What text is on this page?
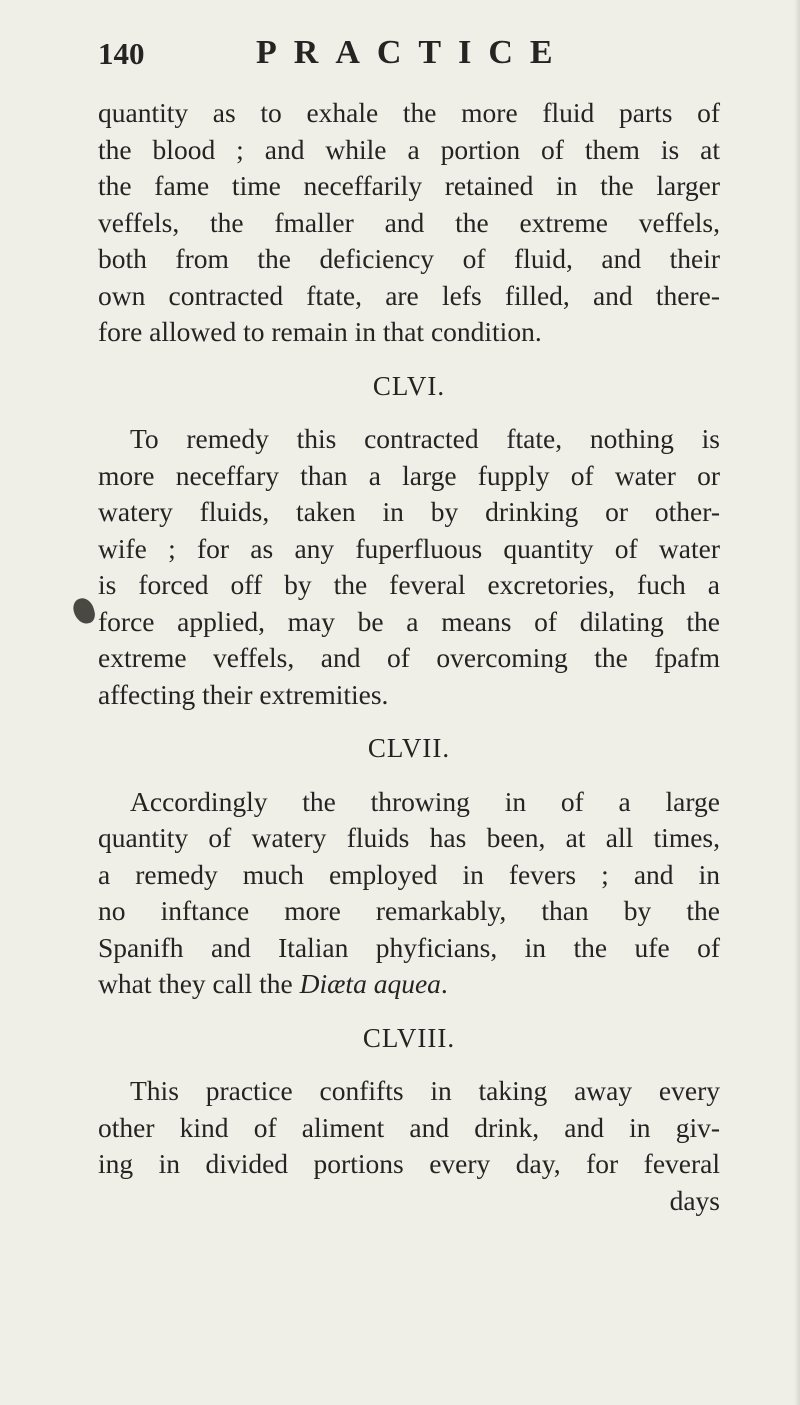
140	PRACTICE
quantity as to exhale the more fluid parts of
the blood ; and while a portion of them is at
the fame time neceffarily retained in the larger
veffels, the fmaller and the extreme veffels,
both from the deficiency of fluid, and their
own contracted ftate, are lefs filled, and there-
fore allowed to remain in that condition.
CLVI.
To remedy this contracted ftate, nothing is
more neceffary than a large fupply of water or
watery fluids, taken in by drinking or other-
wife ; for as any fuperfluous quantity of water
is forced off by the feveral excretories, fuch a
force applied, may be a means of dilating the
extreme veffels, and of overcoming the fpafm
affecting their extremities.
CLVII.
Accordingly the throwing in of a large
quantity of watery fluids has been, at all times,
a remedy much employed in fevers ; and in
no inftance more remarkably, than by the
Spanifh and Italian phyficians, in the ufe of
what they call the Diæta aquea.
CLVIII.
This practice confifts in taking away every
other kind of aliment and drink, and in giv-
ing in divided portions every day, for feveral
days
